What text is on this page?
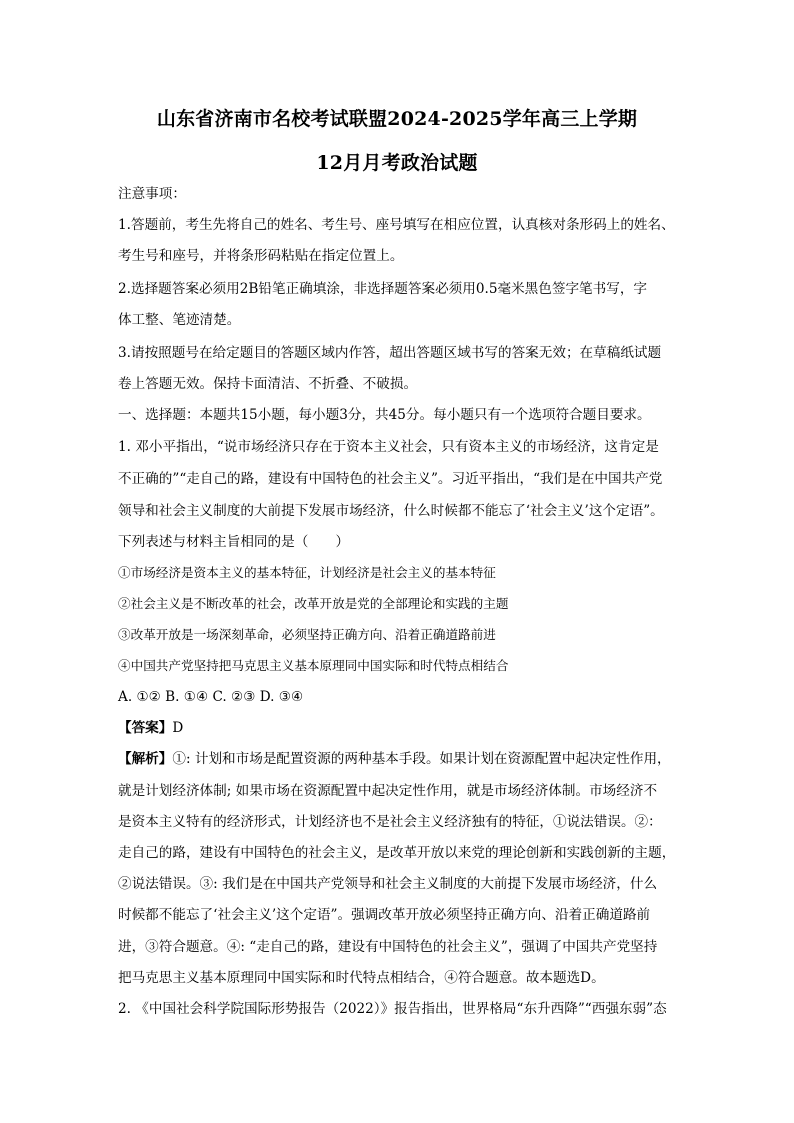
山东省济南市名校考试联盟2024-2025学年高三上学期
12月月考政治试题
注意事项：
1.答题前，考生先将自己的姓名、考生号、座号填写在相应位置，认真核对条形码上的姓名、
考生号和座号，并将条形码粘贴在指定位置上。
2.选择题答案必须用2B铅笔正确填涂，非选择题答案必须用0.5毫米黑色签字笔书写，字
体工整、笔迹清楚。
3.请按照题号在给定题目的答题区域内作答，超出答题区域书写的答案无效；在草稿纸试题
卷上答题无效。保持卡面清洁、不折叠、不破损。
一、选择题：本题共15小题，每小题3分，共45分。每小题只有一个选项符合题目要求。
1. 邓小平指出，“说市场经济只存在于资本主义社会，只有资本主义的市场经济，这肯定是
不正确的”“走自己的路，建设有中国特色的社会主义”。习近平指出，“我们是在中国共产党
领导和社会主义制度的大前提下发展市场经济，什么时候都不能忘了‘社会主义’这个定语”。
下列表述与材料主旨相同的是（　　）
①市场经济是资本主义的基本特征，计划经济是社会主义的基本特征
②社会主义是不断改革的社会，改革开放是党的全部理论和实践的主题
③改革开放是一场深刻革命，必须坚持正确方向、沿着正确道路前进
④中国共产党坚持把马克思主义基本原理同中国实际和时代特点相结合
A. ①② B. ①④ C. ②③ D. ③④
【答案】D
【解析】①: 计划和市场是配置资源的两种基本手段。如果计划在资源配置中起决定性作用，
就是计划经济体制; 如果市场在资源配置中起决定性作用，就是市场经济体制。市场经济不
是资本主义特有的经济形式，计划经济也不是社会主义经济独有的特征，①说法错误。②：
走自己的路，建设有中国特色的社会主义，是改革开放以来党的理论创新和实践创新的主题，
②说法错误。③: 我们是在中国共产党领导和社会主义制度的大前提下发展市场经济，什么
时候都不能忘了‘社会主义’这个定语”。强调改革开放必须坚持正确方向、沿着正确道路前
进，③符合题意。④: “走自己的路，建设有中国特色的社会主义”，强调了中国共产党坚持
把马克思主义基本原理同中国实际和时代特点相结合，④符合题意。故本题选D。
2. 《中国社会科学院国际形势报告（2022）》报告指出，世界格局“东升西降”“西强东弱”态
